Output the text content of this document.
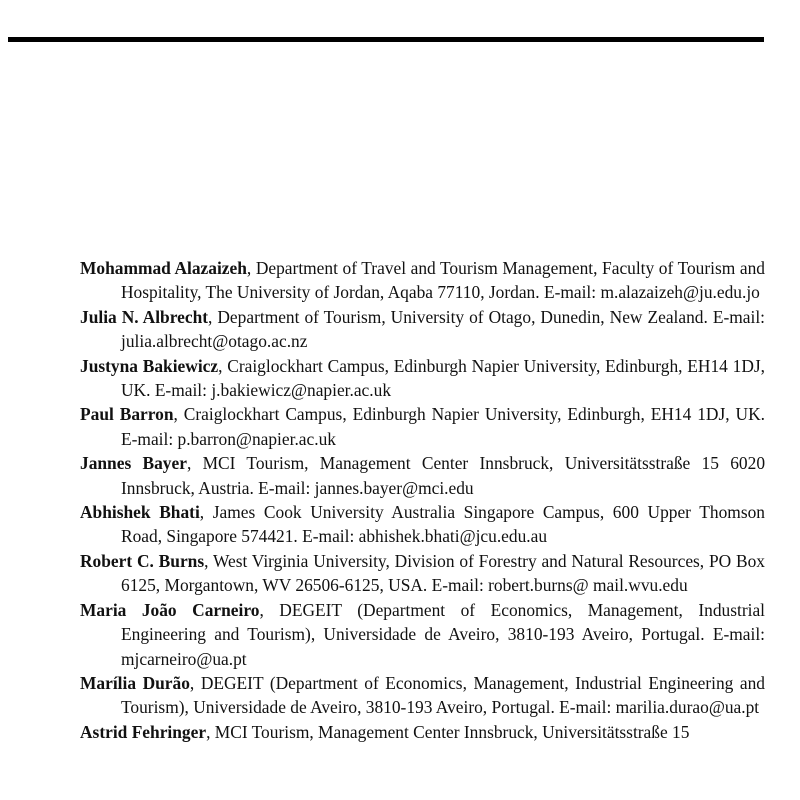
Mohammad Alazaizeh, Department of Travel and Tourism Management, Faculty of Tourism and Hospitality, The University of Jordan, Aqaba 77110, Jordan. E-mail: m.alazaizeh@ju.edu.jo

Julia N. Albrecht, Department of Tourism, University of Otago, Dunedin, New Zealand. E-mail: julia.albrecht@otago.ac.nz

Justyna Bakiewicz, Craiglockhart Campus, Edinburgh Napier University, Edinburgh, EH14 1DJ, UK. E-mail: j.bakiewicz@napier.ac.uk

Paul Barron, Craiglockhart Campus, Edinburgh Napier University, Edinburgh, EH14 1DJ, UK. E-mail: p.barron@napier.ac.uk

Jannes Bayer, MCI Tourism, Management Center Innsbruck, Universitätsstraße 15 6020 Innsbruck, Austria. E-mail: jannes.bayer@mci.edu

Abhishek Bhati, James Cook University Australia Singapore Campus, 600 Upper Thomson Road, Singapore 574421. E-mail: abhishek.bhati@jcu.edu.au

Robert C. Burns, West Virginia University, Division of Forestry and Natural Resources, PO Box 6125, Morgantown, WV 26506-6125, USA. E-mail: robert.burns@ mail.wvu.edu

Maria João Carneiro, DEGEIT (Department of Economics, Management, Industrial Engineering and Tourism), Universidade de Aveiro, 3810-193 Aveiro, Portugal. E-mail: mjcarneiro@ua.pt

Marília Durão, DEGEIT (Department of Economics, Management, Industrial Engineering and Tourism), Universidade de Aveiro, 3810-193 Aveiro, Portugal. E-mail: marilia.durao@ua.pt

Astrid Fehringer, MCI Tourism, Management Center Innsbruck, Universitätsstraße 15
